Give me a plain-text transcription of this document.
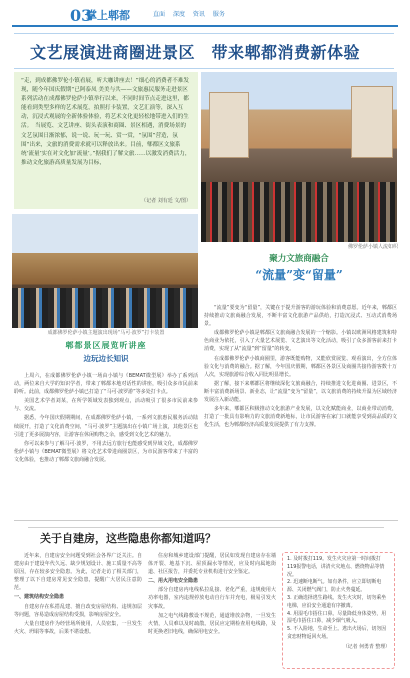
03
掌上郫都	直面 深度 资讯 服务
文艺展演进商圈进景区　带来郫都消费新体验

“走，到成都佛罗伦小镇看展，听大咖讲座去！”细心的消费者不难发现，随今年国庆假期“已阿泰凤 美美与共——文旅惠民服务走进景区系列活动在成都佛罗伦萨小镇举行以来，不同时间节点走进这里，都能看到类型多样的艺术展览，拍照打卡装置，文艺汇演等，深入互动，沉浸式观展的全新体验体验，将艺术文化更轻松地带进入们的生活。　当展览、文艺讲座、街头表演和商圈、景区相遇，消费场景的文艺氛围日渐浓郁，说一说、玩一玩、赏一赏，“氛围”营造，氛围“出来，文旅的消费需求就可以释放出来。目前，郫都区文旅系统‘流量’实在对文化加‘流量’。”据我们了解文旅……以激发消费活力，推动文化旅游高质量发展为目标，

（记者 刘有廷 文/图）
佛罗伦萨小镇人流如织
成都佛罗伦萨小镇主题演出现场“马可·波罗”打卡装置
聚力文旅商融合
“流量”变“留量”
郫都景区展览听讲座
边玩边长知识

上周六，在成都佛罗伦萨小镇一场由小镇与《BEMAT微型展》举办了系列活动，两位来自大学的知识学者，带来了郫都本地对话性的讲座，吸引众多市民前来聆听。此前，成都佛罗伦萨小镇已打造了“马可·波罗游”等多处打卡点。

美国艺术学者刘某，在所学领域发表独到观点，活动吸引了很多市民前来参与、交流。

据悉，今年国庆假期期间，在成都佛罗伦萨小镇，一系列文旅惠民服务活动陆续展开，打造了文化消费空间，“马可·波罗”主题演出在小镇广场上演，其他景区也引进了更多展演内容，让游客在休闲购物之余，感受到文化艺术的魅力。

你可以来参与了解马可·波罗，不用去远方旅行也能感受到异域文化，成都佛罗伦萨小镇与《BEMAT微型展》将文化艺术带进商圈景区，为市民游客带来了丰富的文化体验，也推动了郫都文旅商融合发展。

“流量”要变为“留量”，关键在于提升游客的游玩体验和消费意愿。近年来，郫都区持续推动文旅商融合发展，不断丰富文化旅游产品供给，打造沉浸式、互动式消费场景。

成都佛罗伦萨小镇是郫都区文旅商融合发展的一个缩影。小镇以欧洲风格建筑和特色商业为依托，引入了大量艺术展览、文艺演出等文化活动，吸引了众多游客前来打卡消费，实现了从“流量”到“留量”的转变。

在成都佛罗伦萨小镇商圈里，游客既能购物，又能欣赏展览、观看演出，全方位体验文化与消费的融合。据了解，今年国庆假期，郫都区各景区及商圈共接待游客数十万人次，实现旅游综合收入同比明显增长。

据了解，接下来郫都区将继续深化文旅商融合，持续推进文化进商圈、进景区，不断丰富消费新场景、新业态，让“流量”变为“留量”，以文旅消费的持续升温为区域经济发展注入新动能。

多年来，郫都区积极推动文化旅游产业发展，以文化赋能商业，以商业带动消费，打造了一批具有影响力的文旅消费新地标，让市民游客在家门口就能享受到高品质的文化生活，也为郫都经济高质量发展提供了有力支撑。

关于自建房，这些隐患你都知道吗？

近年来，自建房安全问题受到社会各界广泛关注。自建房由于建设年代久远、缺少规划设计、施工质量不高等原因，存在较多安全隐患。为此，记者走访了相关部门，整理了以下自建房常见安全隐患，提醒广大居民注意防范。

一、建筑结构安全隐患

自建房存在私搭乱建、擅自改变房屋结构、违规加层等问题，容易造成房屋结构受损，影响房屋安全。

大量自建房作为经营场所使用，人员密集，一旦发生火灾、坍塌等事故，后果不堪设想。

住房和城乡建设部门提醒，居民如发现自建房存在墙体开裂、地基下沉、屋顶漏水等情况，应及时向属地街道、社区报告，并委托专业机构进行安全鉴定。

二、用火用电安全隐患

部分自建房内电线私拉乱接、老化严重，违规使用大功率电器，室内违规停放电动自行车并充电，极易引发火灾事故。

加之电气线路敷设不规范，通道堆放杂物，一旦发生火情，人员难以及时疏散。居民应定期检查用电线路，及时更换老旧电线，确保用电安全。

1. 及时拨打119。发生火灾应第一时间拨打119报警电话，讲清火灾地点、燃烧物品等情况。

2. 迅速断电断气。如有条件，应立即切断电源、关闭燃气阀门，防止火势蔓延。

3. 正确选择逃生路线。发生火灾时，切勿乘坐电梯，应沿安全通道有序撤离。

4. 用湿毛巾捂住口鼻。尽量降低身体姿势，用湿毛巾捂住口鼻，减少烟气吸入。

5. 不入险地，生命至上。逃出火场后，切勿因贪恋财物返回火场。

（记者 何勇青 整理）
